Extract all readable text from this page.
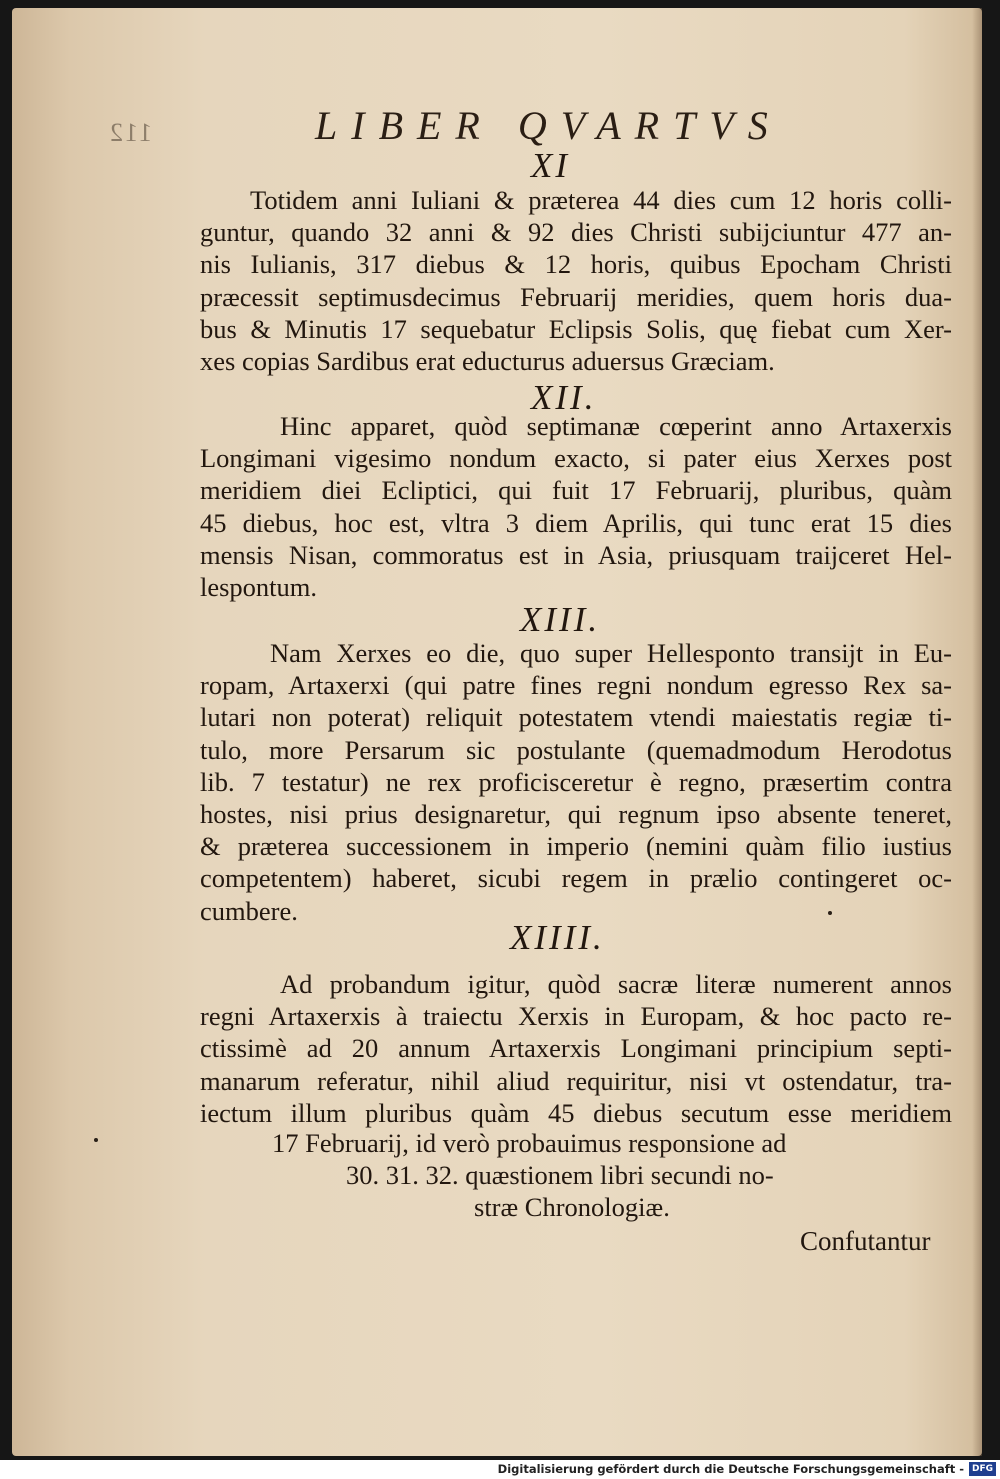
112	LIBER QVARTVS
XI
Totidem anni Iuliani & præterea 44 dies cum 12 horis colli-
guntur, quando 32 anni & 92 dies Christi subijciuntur 477 an-
nis Iulianis, 317 diebus & 12 horis, quibus Epocham Christi
præcessit septimusdecimus Februarij meridies, quem horis dua-
bus & Minutis 17 sequebatur Eclipsis Solis, quę fiebat cum Xer-
xes copias Sardibus erat educturus aduersus Græciam.
XII.
Hinc apparet, quòd septimanæ cœperint anno Artaxerxis
Longimani vigesimo nondum exacto, si pater eius Xerxes post
meridiem diei Ecliptici, qui fuit 17 Februarij, pluribus, quàm
45 diebus, hoc est, vltra 3 diem Aprilis, qui tunc erat 15 dies
mensis Nisan, commoratus est in Asia, priusquam traijceret Hel-
lespontum.
XIII.
Nam Xerxes eo die, quo super Hellesponto transijt in Eu-
ropam, Artaxerxi (qui patre fines regni nondum egresso Rex sa-
lutari non poterat) reliquit potestatem vtendi maiestatis regiæ ti-
tulo, more Persarum sic postulante (quemadmodum Herodotus
lib. 7 testatur) ne rex proficisceretur è regno, præsertim contra
hostes, nisi prius designaretur, qui regnum ipso absente teneret,
& præterea successionem in imperio (nemini quàm filio iustius
competentem) haberet, sicubi regem in prælio contingeret oc-
cumbere.
XIIII.
Ad probandum igitur, quòd sacræ literæ numerent annos
regni Artaxerxis à traiectu Xerxis in Europam, & hoc pacto re-
ctissimè ad 20 annum Artaxerxis Longimani principium septi-
manarum referatur, nihil aliud requiritur, nisi vt ostendatur, tra-
iectum illum pluribus quàm 45 diebus secutum esse meridiem
17 Februarij, id verò probauimus responsione ad
30. 31. 32. quæstionem libri secundi no-
stræ Chronologiæ.
Confutantur
Digitalisierung gefördert durch die Deutsche Forschungsgemeinschaft - DFG
